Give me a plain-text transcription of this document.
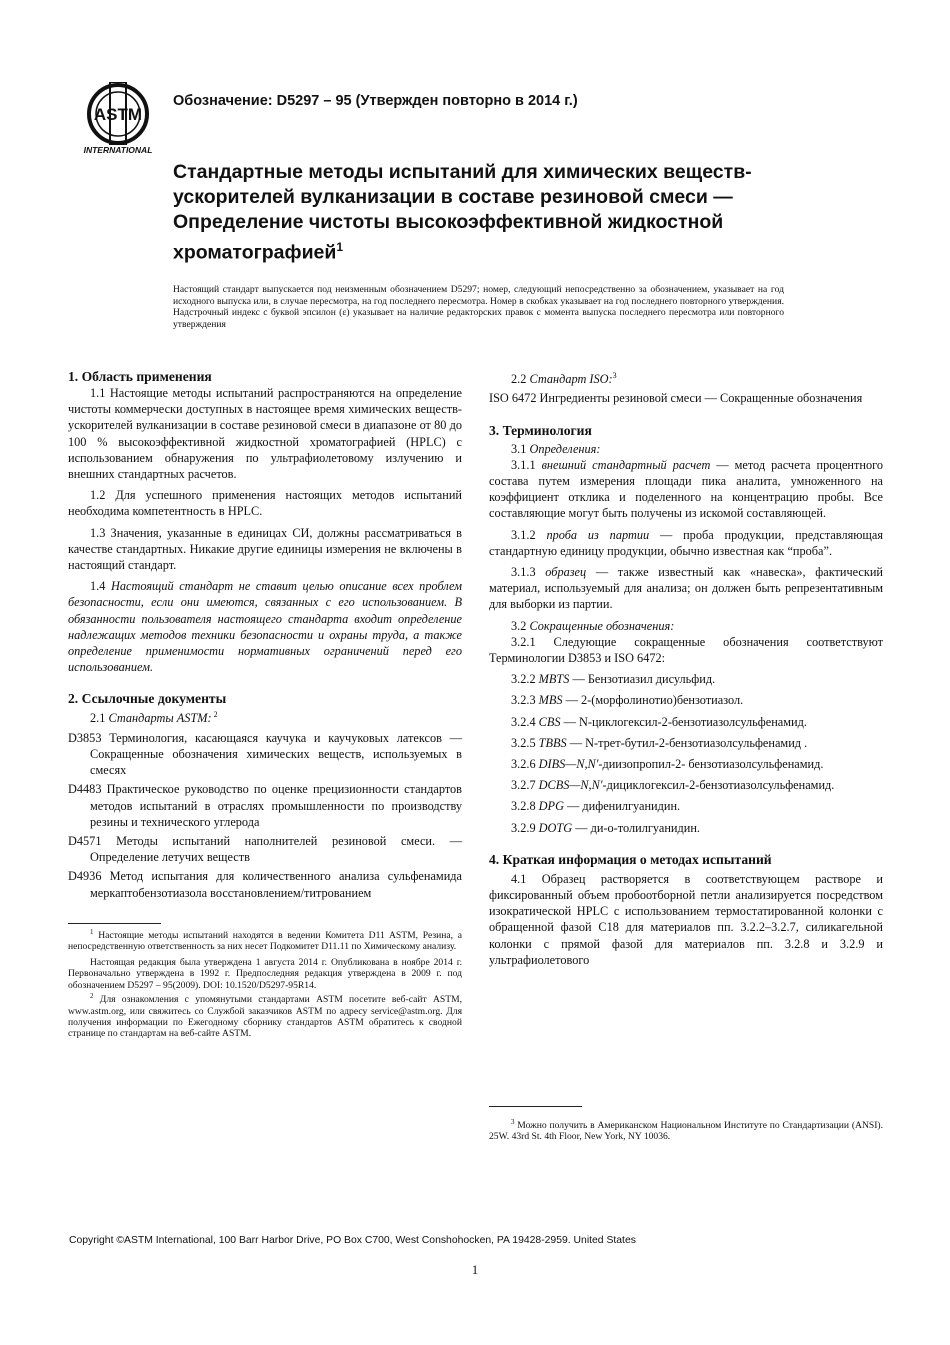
ASTM
INTERNATIONAL
Обозначение: D5297 – 95 (Утвержден повторно в 2014 г.)
Стандартные методы испытаний для химических веществ-ускорителей вулканизации в составе резиновой смеси — Определение чистоты высокоэффективной жидкостной хроматографией$^1$

Настоящий стандарт выпускается под неизменным обозначением D5297; номер, следующий непосредственно за обозначением, указывает на год исходного выпуска или, в случае пересмотра, на год последнего пересмотра. Номер в скобках указывает на год последнего повторного утверждения. Надстрочный индекс с буквой эпсилон (ε) указывает на наличие редакторских правок с момента выпуска последнего пересмотра или повторного утверждения

1. Область применения

1.1 Настоящие методы испытаний распространяются на определение чистоты коммерчески доступных в настоящее время химических веществ-ускорителей вулканизации в составе резиновой смеси в диапазоне от 80 до 100 % высокоэффективной жидкостной хроматографией (HPLC) с использованием обнаружения по ультрафиолетовому излучению и внешних стандартных расчетов.

1.2 Для успешного применения настоящих методов испытаний необходима компетентность в HPLC.

1.3 Значения, указанные в единицах СИ, должны рассматриваться в качестве стандартных. Никакие другие единицы измерения не включены в настоящий стандарт.

1.4 Настоящий стандарт не ставит целью описание всех проблем безопасности, если они имеются, связанных с его использованием. В обязанности пользователя настоящего стандарта входит определение надлежащих методов техники безопасности и охраны труда, а также определение применимости нормативных ограничений перед его использованием.

2. Ссылочные документы

2.1 Стандарты ASTM: $^2$

D3853 Терминология, касающаяся каучука и каучуковых латексов — Сокращенные обозначения химических веществ, используемых в смесях

D4483 Практическое руководство по оценке прецизионности стандартов методов испытаний в отраслях промышленности по производству резины и технического углерода

D4571 Методы испытаний наполнителей резиновой смеси. — Определение летучих веществ

D4936 Метод испытания для количественного анализа сульфенамида меркаптобензотиазола восстановлением/титрованием

$^1$ Настоящие методы испытаний находятся в ведении Комитета D11 ASTM, Резина, а непосредственную ответственность за них несет Подкомитет D11.11 по Химическому анализу.

Настоящая редакция была утверждена 1 августа 2014 г. Опубликована в ноябре 2014 г. Первоначально утверждена в 1992 г. Предпоследняя редакция утверждена в 2009 г. под обозначением D5297 – 95(2009). DOI: 10.1520/D5297-95R14.

$^2$ Для ознакомления с упомянутыми стандартами ASTM посетите веб-сайт ASTM, www.astm.org, или свяжитесь со Службой заказчиков ASTM по адресу service@astm.org. Для получения информации по Ежегодному сборнику стандартов ASTM обратитесь к сводной странице по стандартам на веб-сайте ASTM.

2.2 Стандарт ISO:$^3$

ISO 6472 Ингредиенты резиновой смеси — Сокращенные обозначения

3. Терминология

3.1 Определения:

3.1.1 внешний стандартный расчет — метод расчета процентного состава путем измерения площади пика аналита, умноженного на коэффициент отклика и поделенного на концентрацию пробы. Все составляющие могут быть получены из искомой составляющей.

3.1.2 проба из партии — проба продукции, представляющая стандартную единицу продукции, обычно известная как “проба”.

3.1.3 образец — также известный как «навеска», фактический материал, используемый для анализа; он должен быть репрезентативным для выборки из партии.

3.2 Сокращенные обозначения:

3.2.1 Следующие сокращенные обозначения соответствуют Терминологии D3853 и ISO 6472:

3.2.2 MBTS — Бензотиазил дисульфид.

3.2.3 MBS — 2-(морфолинотио)бензотиазол.

3.2.4 CBS — N-циклогексил-2-бензотиазолсульфенамид.

3.2.5 TBBS — N-трет-бутил-2-бензотиазолсульфенамид .

3.2.6 DIBS—N,N'-диизопропил-2- бензотиазолсульфенамид.

3.2.7 DCBS—N,N'-дициклогексил-2-бензотиазолсульфенамид.

3.2.8 DPG — дифенилгуанидин.

3.2.9 DOTG — ди-о-толилгуанидин.

4. Краткая информация о методах испытаний

4.1 Образец растворяется в соответствующем растворе и фиксированный объем пробоотборной петли анализируется посредством изократической HPLC с использованием термостатированной колонки с обращенной фазой C18 для материалов пп. 3.2.2–3.2.7, силикагельной колонки с прямой фазой для материалов пп. 3.2.8 и 3.2.9 и ультрафиолетового

$^3$ Можно получить в Американском Национальном Институте по Стандартизации (ANSI). 25W. 43rd St. 4th Floor, New York, NY 10036.

Copyright ©ASTM International, 100 Barr Harbor Drive, PO Box C700, West Conshohocken, PA 19428-2959. United States
1
